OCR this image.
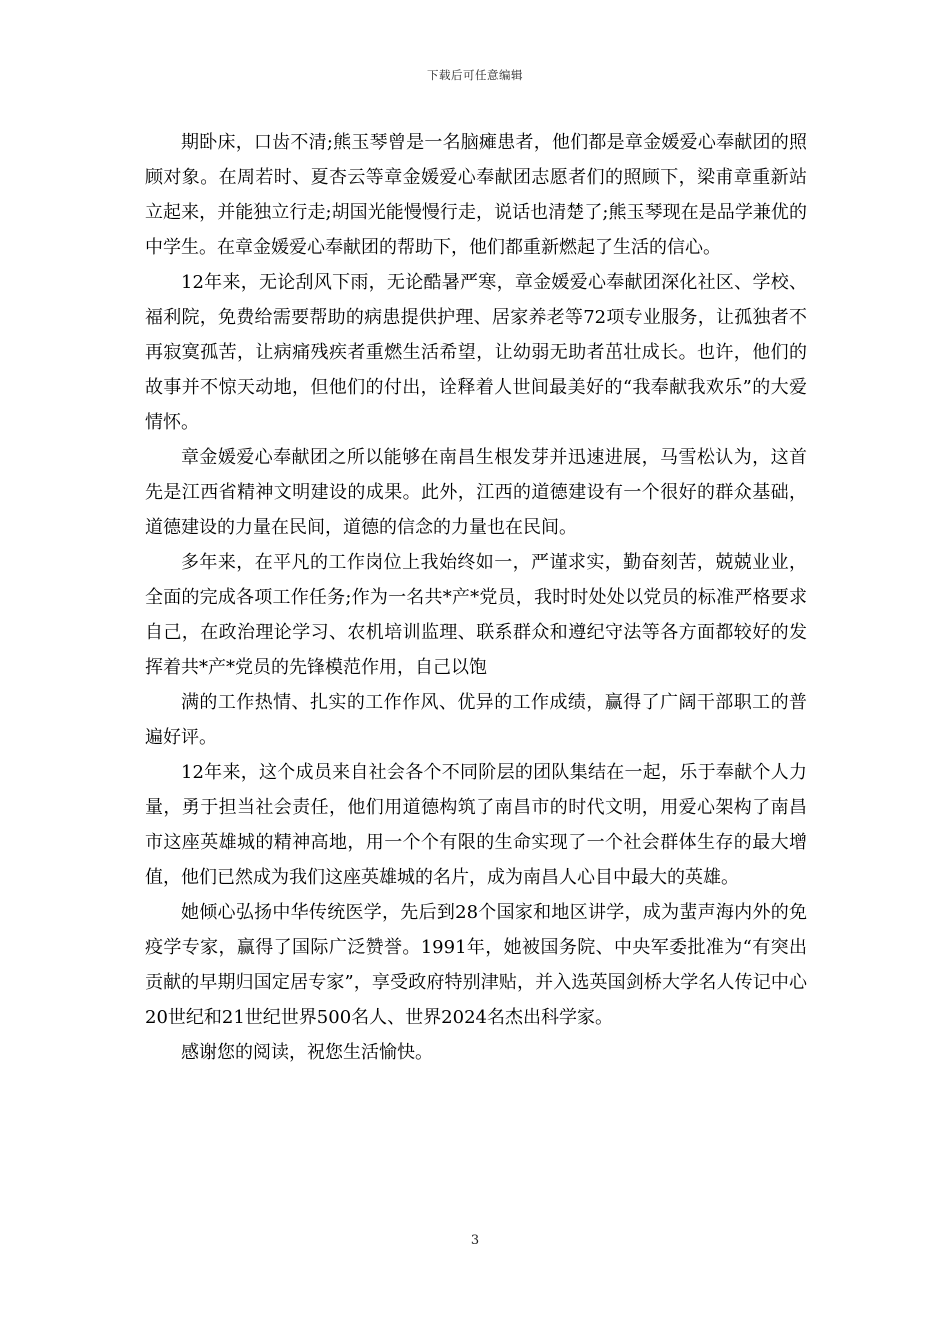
下载后可任意编辑

期卧床，口齿不清;熊玉琴曾是一名脑瘫患者，他们都是章金媛爱心奉献团的照顾对象。在周若时、夏杏云等章金媛爱心奉献团志愿者们的照顾下，梁甫章重新站立起来，并能独立行走;胡国光能慢慢行走，说话也清楚了;熊玉琴现在是品学兼优的中学生。在章金媛爱心奉献团的帮助下，他们都重新燃起了生活的信心。

12年来，无论刮风下雨，无论酷暑严寒，章金媛爱心奉献团深化社区、学校、福利院，免费给需要帮助的病患提供护理、居家养老等72项专业服务，让孤独者不再寂寞孤苦，让病痛残疾者重燃生活希望，让幼弱无助者茁壮成长。也许，他们的故事并不惊天动地，但他们的付出，诠释着人世间最美好的“我奉献我欢乐”的大爱情怀。

章金媛爱心奉献团之所以能够在南昌生根发芽并迅速进展，马雪松认为，这首先是江西省精神文明建设的成果。此外，江西的道德建设有一个很好的群众基础，道德建设的力量在民间，道德的信念的力量也在民间。

多年来，在平凡的工作岗位上我始终如一，严谨求实，勤奋刻苦，兢兢业业，全面的完成各项工作任务;作为一名共*产*党员，我时时处处以党员的标准严格要求自己，在政治理论学习、农机培训监理、联系群众和遵纪守法等各方面都较好的发挥着共*产*党员的先锋模范作用，自己以饱

满的工作热情、扎实的工作作风、优异的工作成绩，赢得了广阔干部职工的普遍好评。

12年来，这个成员来自社会各个不同阶层的团队集结在一起，乐于奉献个人力量，勇于担当社会责任，他们用道德构筑了南昌市的时代文明，用爱心架构了南昌市这座英雄城的精神高地，用一个个有限的生命实现了一个社会群体生存的最大增值，他们已然成为我们这座英雄城的名片，成为南昌人心目中最大的英雄。

她倾心弘扬中华传统医学，先后到28个国家和地区讲学，成为蜚声海内外的免疫学专家，赢得了国际广泛赞誉。1991年，她被国务院、中央军委批准为“有突出贡献的早期归国定居专家”，享受政府特别津贴，并入选英国剑桥大学名人传记中心20世纪和21世纪世界500名人、世界2024名杰出科学家。

感谢您的阅读，祝您生活愉快。

3
